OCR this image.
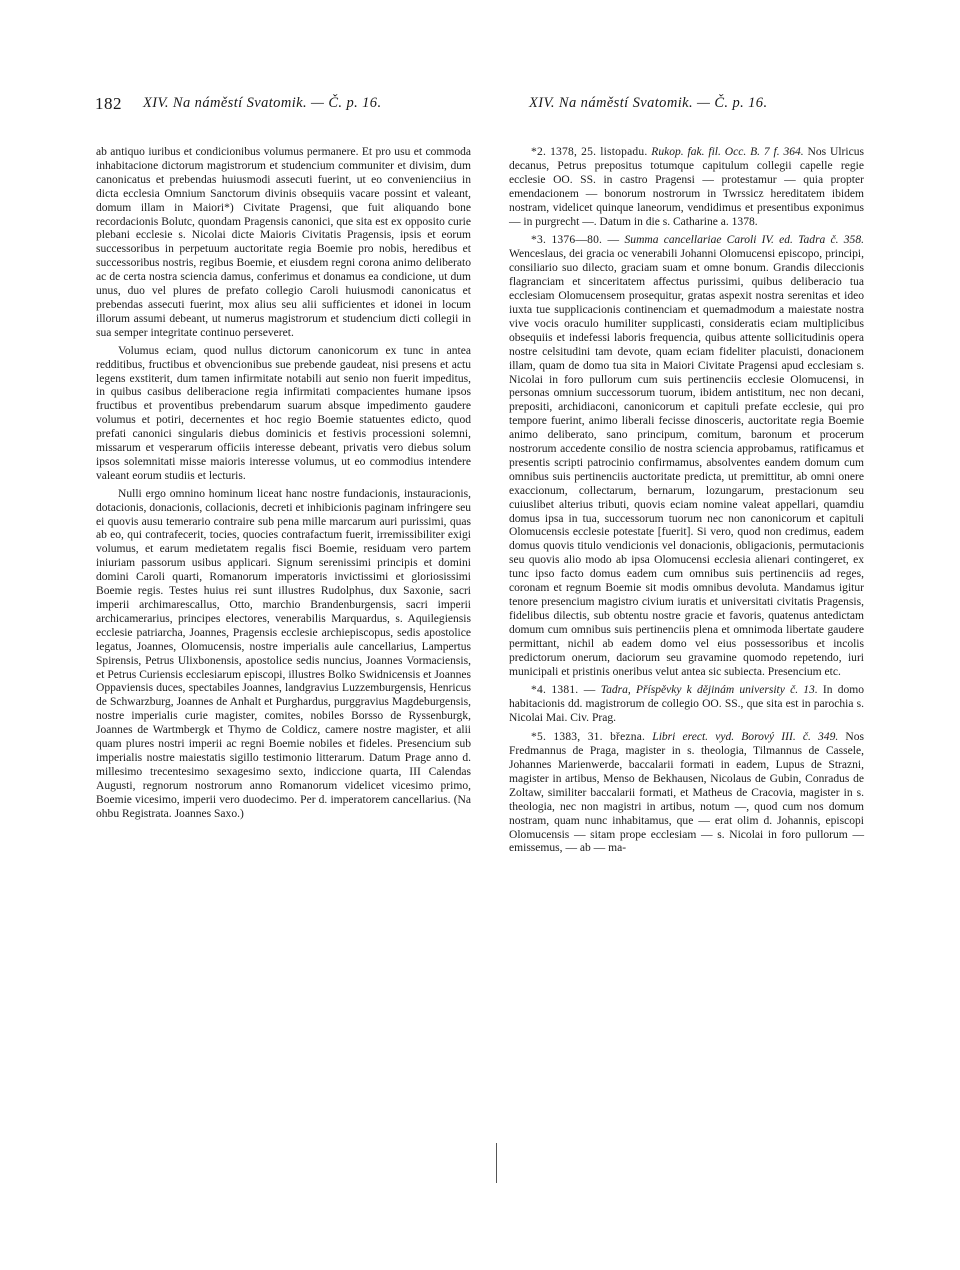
182 XIV. Na náměstí Svatomik. — Č. p. 16.	XIV. Na náměstí Svatomik. — Č. p. 16.

ab antiquo iuribus et condicionibus volumus permanere. Et pro usu et commoda inhabitacione dictorum magistrorum et studencium communiter et divisim, dum canonicatus et prebendas huiusmodi assecuti fuerint, ut eo convenienciius in dicta ecclesia Omnium Sanctorum divinis obsequiis vacare possint et valeant, domum illam in Maiori*) Civitate Pragensi, que fuit aliquando bone recordacionis Bolutc, quondam Pragensis canonici, que sita est ex opposito curie plebani ecclesie s. Nicolai dicte Maioris Civitatis Pragensis, ipsis et eorum successoribus in perpetuum auctoritate regia Boemie pro nobis, heredibus et successoribus nostris, regibus Boemie, et eiusdem regni corona animo deliberato ac de certa nostra sciencia damus, conferimus et donamus ea condicione, ut dum unus, duo vel plures de prefato collegio Caroli huiusmodi canonicatus et prebendas assecuti fuerint, mox alius seu alii sufficientes et idonei in locum illorum assumi debeant, ut numerus magistrorum et studencium dicti collegii in sua semper integritate continuo perseveret.

Volumus eciam, quod nullus dictorum canonicorum ex tunc in antea redditibus, fructibus et obvencionibus sue prebende gaudeat, nisi presens et actu legens exstiterit, dum tamen infirmitate notabili aut senio non fuerit impeditus, in quibus casibus deliberacione regia infirmitati compacientes humane ipsos fructibus et proventibus prebendarum suarum absque impedimento gaudere volumus et potiri, decernentes et hoc regio Boemie statuentes edicto, quod prefati canonici singularis diebus dominicis et festivis processioni solemni, missarum et vesperarum officiis interesse debeant, privatis vero diebus solum ipsos solemnitati misse maioris interesse volumus, ut eo commodius intendere valeant eorum studiis et lecturis.

Nulli ergo omnino hominum liceat hanc nostre fundacionis, instauracionis, dotacionis, donacionis, collacionis, decreti et inhibicionis paginam infringere seu ei quovis ausu temerario contraire sub pena mille marcarum auri purissimi, quas ab eo, qui contrafecerit, tocies, quocies contrafactum fuerit, irremissibiliter exigi volumus, et earum medietatem regalis fisci Boemie, residuam vero partem iniuriam passorum usibus applicari. Signum serenissimi principis et domini domini Caroli quarti, Romanorum imperatoris invictissimi et gloriosissimi Boemie regis. Testes huius rei sunt illustres Rudolphus, dux Saxonie, sacri imperii archimarescallus, Otto, marchio Brandenburgensis, sacri imperii archicamerarius, principes electores, venerabilis Marquardus, s. Aquilegiensis ecclesie patriarcha, Joannes, Pragensis ecclesie archiepiscopus, sedis apostolice legatus, Joannes, Olomucensis, nostre imperialis aule cancellarius, Lampertus Spirensis, Petrus Ulixbonensis, apostolice sedis nuncius, Joannes Vormaciensis, et Petrus Curiensis ecclesiarum episcopi, illustres Bolko Swidnicensis et Joannes Oppaviensis duces, spectabiles Joannes, landgravius Luzzemburgensis, Henricus de Schwarzburg, Joannes de Anhalt et Purghardus, purggravius Magdeburgensis, nostre imperialis curie magister, comites, nobiles Borsso de Ryssenburgk, Joannes de Wartmbergk et Thymo de Coldicz, camere nostre magister, et alii quam plures nostri imperii ac regni Boemie nobiles et fideles. Presencium sub imperialis nostre maiestatis sigillo testimonio litterarum. Datum Prage anno d. millesimo trecentesimo sexagesimo sexto, indiccione quarta, III Calendas Augusti, regnorum nostrorum anno Romanorum videlicet vicesimo primo, Boemie vicesimo, imperii vero duodecimo. Per d. imperatorem cancellarius. (Na ohbu Registrata. Joannes Saxo.)

*2. 1378, 25. listopadu. Rukop. fak. fil. Occ. B. 7 f. 364. Nos Ulricus decanus, Petrus prepositus totumque capitulum collegii capelle regie ecclesie OO. SS. in castro Pragensi — protestamur — quia propter emendacionem — bonorum nostrorum in Twrssicz hereditatem ibidem nostram, videlicet quinque laneorum, vendidimus et presentibus exponimus — in purgrecht —. Datum in die s. Catharine a. 1378.

*3. 1376—80. — Summa cancellariae Caroli IV. ed. Tadra č. 358. Wenceslaus, dei gracia oc venerabili Johanni Olomucensi episcopo, principi, consiliario suo dilecto, graciam suam et omne bonum. Grandis dileccionis flagranciam et sinceritatem affectus purissimi, quibus deliberacio tua ecclesiam Olomucensem prosequitur, gratas aspexit nostra serenitas et ideo iuxta tue supplicacionis continenciam et quemadmodum a maiestate nostra vive vocis oraculo humiliter supplicasti, consideratis eciam multiplicibus obsequiis et indefessi laboris frequencia, quibus attente sollicitudinis opera nostre celsitudini tam devote, quam eciam fideliter placuisti, donacionem illam, quam de domo tua sita in Maiori Civitate Pragensi apud ecclesiam s. Nicolai in foro pullorum cum suis pertinenciis ecclesie Olomucensi, in personas omnium successorum tuorum, ibidem antistitum, nec non decani, prepositi, archidiaconi, canonicorum et capituli prefate ecclesie, qui pro tempore fuerint, animo liberali fecisse dinosceris, auctoritate regia Boemie animo deliberato, sano principum, comitum, baronum et procerum nostrorum accedente consilio de nostra sciencia approbamus, ratificamus et presentis scripti patrocinio confirmamus, absolventes eandem domum cum omnibus suis pertinenciis auctoritate predicta, ut premittitur, ab omni onere exaccionum, collectarum, bernarum, lozungarum, prestacionum seu cuiuslibet alterius tributi, quovis eciam nomine valeat appellari, quamdiu domus ipsa in tua, successorum tuorum nec non canonicorum et capituli Olomucensis ecclesie potestate [fuerit]. Si vero, quod non credimus, eadem domus quovis titulo vendicionis vel donacionis, obligacionis, permutacionis seu quovis alio modo ab ipsa Olomucensi ecclesia alienari contingeret, ex tunc ipso facto domus eadem cum omnibus suis pertinenciis ad reges, coronam et regnum Boemie sit modis omnibus devoluta. Mandamus igitur tenore presencium magistro civium iuratis et universitati civitatis Pragensis, fidelibus dilectis, sub obtentu nostre gracie et favoris, quatenus antedictam domum cum omnibus suis pertinenciis plena et omnimoda libertate gaudere permittant, nichil ab eadem domo vel eius possessoribus et incolis predictorum onerum, daciorum seu gravamine quomodo repetendo, iuri municipali et pristinis oneribus velut antea sic subiecta. Presencium etc.

*4. 1381. — Tadra, Příspěvky k dějinám university č. 13. In domo habitacionis dd. magistrorum de collegio OO. SS., que sita est in parochia s. Nicolai Mai. Civ. Prag.

*5. 1383, 31. března. Libri erect. vyd. Borový III. č. 349. Nos Fredmannus de Praga, magister in s. theologia, Tilmannus de Cassele, Johannes Marienwerde, baccalarii formati in eadem, Lupus de Strazni, magister in artibus, Menso de Bekhausen, Nicolaus de Gubin, Conradus de Zoltaw, similiter baccalarii formati, et Matheus de Cracovia, magister in s. theologia, nec non magistri in artibus, notum —, quod cum nos domum nostram, quam nunc inhabitamus, que — erat olim d. Johannis, episcopi Olomucensis — sitam prope ecclesiam — s. Nicolai in foro pullorum — emissemus, — ab — ma-
